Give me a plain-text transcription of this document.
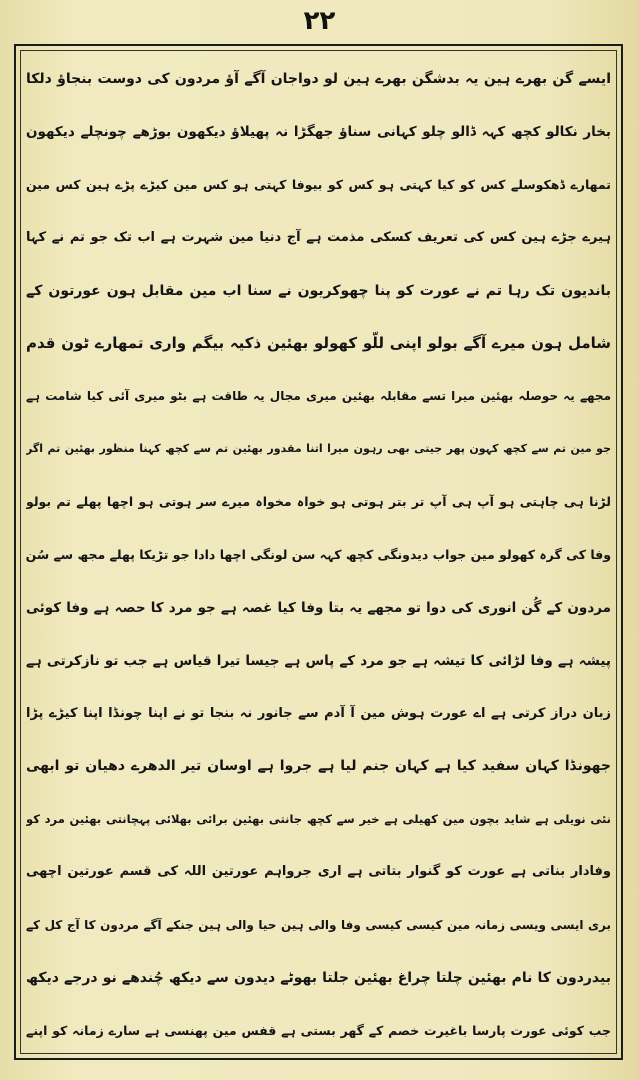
۲۲
ایسے گن بھرے ہین یہ بدشگن بھرے ہین لو دواجان آگے آؤ مردون کی دوست بنجاؤ دلکا
بخار نکالو کچھ کہہ ڈالو چلو کہانی سناؤ جھگڑا نہ پھیلاؤ دیکھون بوڑھے چونچلے دیکھون
تمھارے ڈھکوسلے کس کو کیا کہتی ہو کس کو بیوفا کہتی ہو کس مین کیڑے پڑے ہین کس مین
ہیرے جڑے ہین کس کی تعریف کسکی مذمت ہے آج دنیا مین شہرت ہے اب تک جو تم نے کہا
باندیون تک رہا تم نے عورت کو پنا چھوکریون نے سنا اب مین مقابل ہون عورتون کے
شامل ہون میرے آگے بولو اپنی للّو کھولو بھئین ذکیہ بیگم واری تمھارے ٹون قدم
مجھے یہ حوصلہ بھئین میرا تسے مقابلہ بھئین میری مجال یہ طاقت ہے بٹو میری آئی کیا شامت ہے
جو مین تم سے کچھ کہون پھر جیتی بھی رہون میرا اتنا مقدور بھئین تم سے کچھ کہنا منظور بھئین تم اگر
لڑنا ہی چاہتی ہو آپ ہی آپ تر بتر ہوتی ہو خواہ مخواہ میرے سر ہوتی ہو اچھا پھلے تم بولو
وفا کی گرہ کھولو مین جواب دیدونگی کچھ کہہ سن لونگی اچھا دادا جو تڑیکا پھلے مجھ سے سُن
مردون کے گُن انوری کی دوا تو مجھے یہ بتا وفا کیا غصہ ہے جو مرد کا حصہ ہے وفا کوئی
پیشہ ہے وفا لڑائی کا تیشہ ہے جو مرد کے پاس ہے جیسا تیرا قیاس ہے جب تو نازکرتی ہے
زبان دراز کرتی ہے اے عورت ہوش مین آ آدم سے جانور نہ بنجا تو نے اپنا چونڈا اپنا کیڑے پڑا
جھونڈا کہان سفید کیا ہے کہان جنم لیا ہے جروا ہے اوسان تیر الدھرے دھیان تو ابھی
نئی نویلی ہے شاید بچون مین کھیلی ہے خیر سے کچھ جانتی بھئین برائی بھلائی پہچانتی بھئین مرد کو
وفادار بناتی ہے عورت کو گنوار بتاتی ہے اری جرواہم عورتین اللہ کی قسم عورتین اچھی
بری ایسی ویسی زمانہ مین کیسی کیسی وفا والی ہین حیا والی ہین جنکے آگے مردون کا آج کل کے
بیدردون کا نام بھئین چلتا چراغ بھئین جلتا بھوٹے دیدون سے دیکھ چُندھے نو درجے دیکھ
جب کوئی عورت پارسا باغیرت خصم کے گھر بستی ہے قفس مین پھنسی ہے سارے زمانہ کو اپنے
